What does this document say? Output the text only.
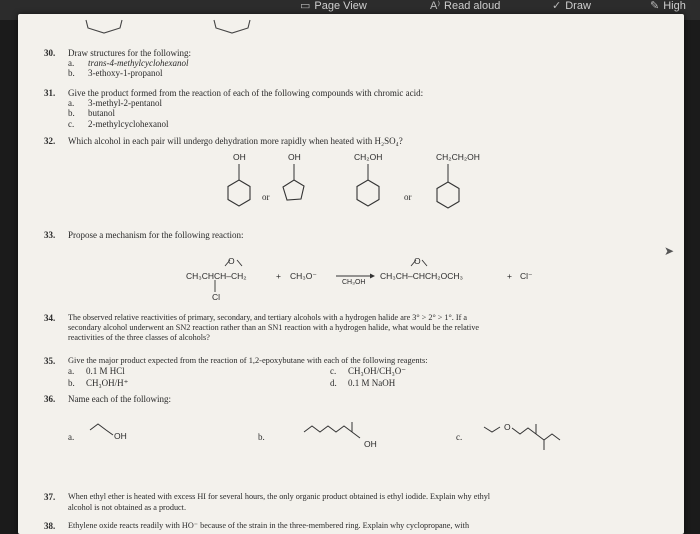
▭ Page View	A⁾ Read aloud	✓ Draw	✎ High
30. Draw structures for the following:
a. trans-4-methylcyclohexanol
b. 3-ethoxy-1-propanol
31. Give the product formed from the reaction of each of the following compounds with chromic acid:
a. 3-methyl-2-pentanol
b. butanol
c. 2-methylcyclohexanol
32. Which alcohol in each pair will undergo dehydration more rapidly when heated with H₂SO₄?
OH	OH	CH₂OH	CH₂CH₂OH
or	or
33. Propose a mechanism for the following reaction:
O
CH₃CHCH–CH₂	+ CH₃O⁻
Cl
CH₃OH
O
CH₃CH–CHCH₂OCH₃	+ Cl⁻
34. The observed relative reactivities of primary, secondary, and tertiary alcohols with a hydrogen halide are 3° > 2° > 1°. If a
secondary alcohol underwent an SN2 reaction rather than an SN1 reaction with a hydrogen halide, what would be the relative
reactivities of the three classes of alcohols?
35. Give the major product expected from the reaction of 1,2-epoxybutane with each of the following reagents:
a. 0.1 M HCl
b. CH₃OH/H⁺
c. CH₃OH/CH₃O⁻
d. 0.1 M NaOH
36. Name each of the following:
a.	b.	c.
OH
OH
O
37. When ethyl ether is heated with excess HI for several hours, the only organic product obtained is ethyl iodide. Explain why ethyl
alcohol is not obtained as a product.
38. Ethylene oxide reacts readily with HO⁻ because of the strain in the three-membered ring. Explain why cyclopropane, with
➤
